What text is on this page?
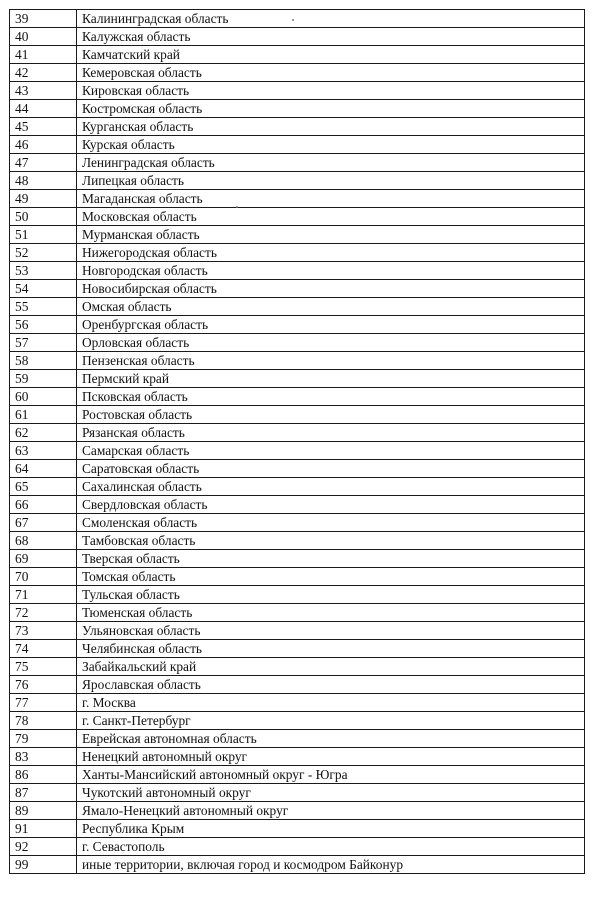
39	Калининградская область
40	Калужская область
41	Камчатский край
42	Кемеровская область
43	Кировская область
44	Костромская область
45	Курганская область
46	Курская область
47	Ленинградская область
48	Липецкая область
49	Магаданская область
50	Московская область
51	Мурманская область
52	Нижегородская область
53	Новгородская область
54	Новосибирская область
55	Омская область
56	Оренбургская область
57	Орловская область
58	Пензенская область
59	Пермский край
60	Псковская область
61	Ростовская область
62	Рязанская область
63	Самарская область
64	Саратовская область
65	Сахалинская область
66	Свердловская область
67	Смоленская область
68	Тамбовская область
69	Тверская область
70	Томская область
71	Тульская область
72	Тюменская область
73	Ульяновская область
74	Челябинская область
75	Забайкальский край
76	Ярославская область
77	г. Москва
78	г. Санкт-Петербург
79	Еврейская автономная область
83	Ненецкий автономный округ
86	Ханты-Мансийский автономный округ - Югра
87	Чукотский автономный округ
89	Ямало-Ненецкий автономный округ
91	Республика Крым
92	г. Севастополь
99	иные территории, включая город и космодром Байконур
